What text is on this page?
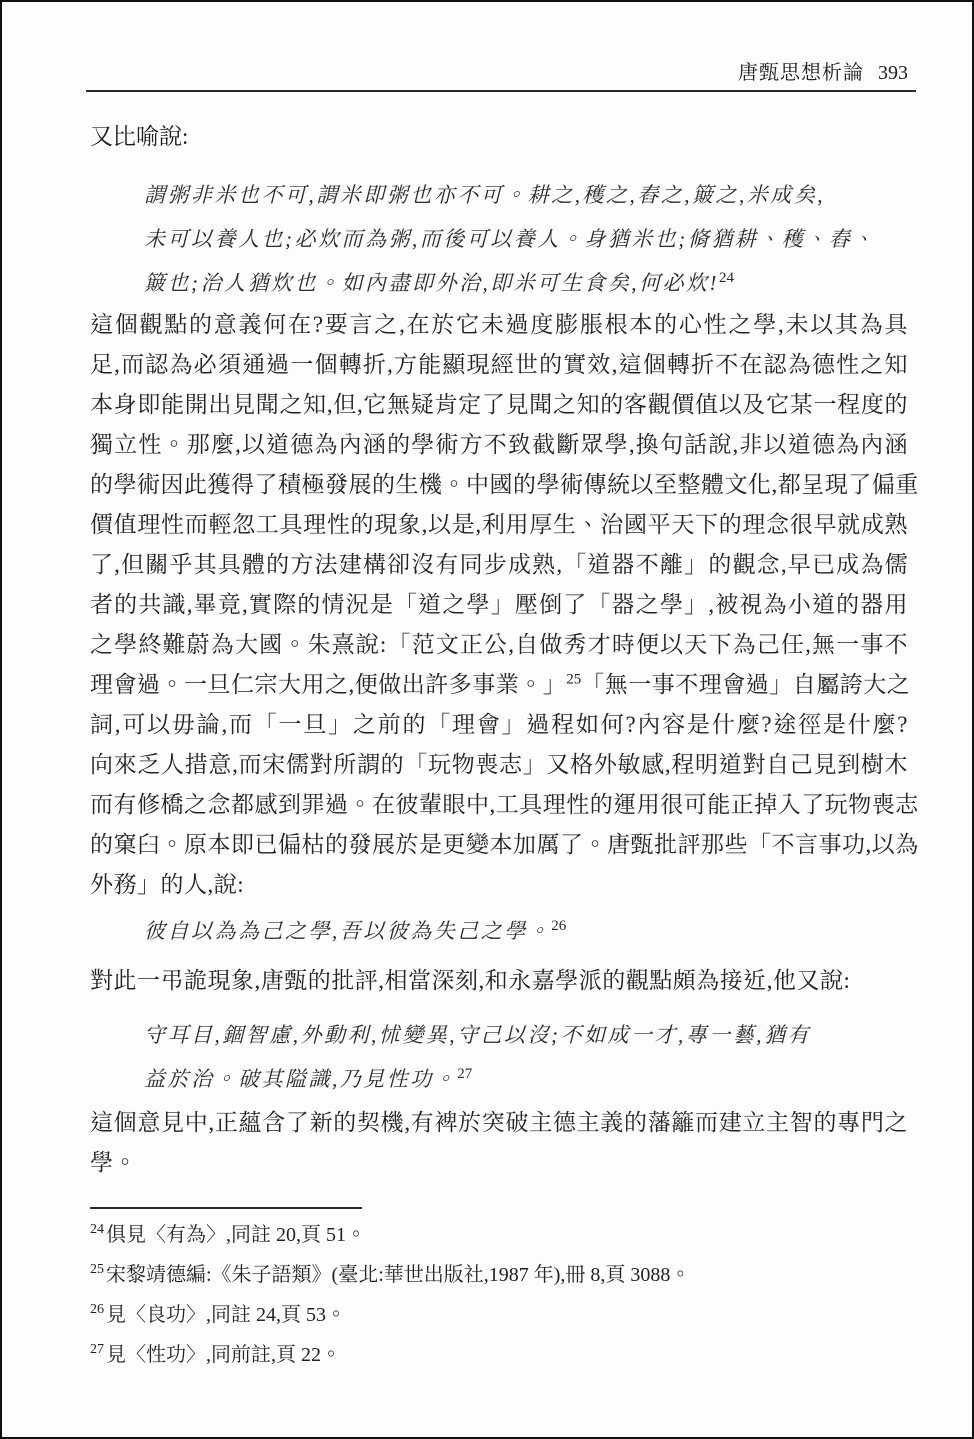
唐甄思想析論 393
又比喻說:
謂粥非米也不可,謂米即粥也亦不可。耕之,穫之,舂之,簸之,米成矣,
未可以養人也;必炊而為粥,而後可以養人。身猶米也;脩猶耕、穫、舂、
簸也;治人猶炊也。如內盡即外治,即米可生食矣,何必炊!$^{24}$
這個觀點的意義何在?要言之,在於它未過度膨脹根本的心性之學,未以其為具
足,而認為必須通過一個轉折,方能顯現經世的實效,這個轉折不在認為德性之知
本身即能開出見聞之知,但,它無疑肯定了見聞之知的客觀價值以及它某一程度的
獨立性。那麼,以道德為內涵的學術方不致截斷眾學,換句話說,非以道德為內涵
的學術因此獲得了積極發展的生機。中國的學術傳統以至整體文化,都呈現了偏重
價值理性而輕忽工具理性的現象,以是,利用厚生、治國平天下的理念很早就成熟
了,但關乎其具體的方法建構卻沒有同步成熟,「道器不離」的觀念,早已成為儒
者的共識,畢竟,實際的情況是「道之學」壓倒了「器之學」,被視為小道的器用
之學終難蔚為大國。朱熹說:「范文正公,自做秀才時便以天下為己任,無一事不
理會過。一旦仁宗大用之,便做出許多事業。」$^{25}$「無一事不理會過」自屬誇大之
詞,可以毋論,而「一旦」之前的「理會」過程如何?內容是什麼?途徑是什麼?
向來乏人措意,而宋儒對所謂的「玩物喪志」又格外敏感,程明道對自己見到樹木
而有修橋之念都感到罪過。在彼輩眼中,工具理性的運用很可能正掉入了玩物喪志
的窠臼。原本即已偏枯的發展於是更變本加厲了。唐甄批評那些「不言事功,以為
外務」的人,說:
彼自以為為己之學,吾以彼為失己之學。$^{26}$
對此一弔詭現象,唐甄的批評,相當深刻,和永嘉學派的觀點頗為接近,他又說:
守耳目,錮智慮,外動利,怵變異,守己以沒;不如成一才,專一藝,猶有
益於治。破其隘識,乃見性功。$^{27}$
這個意見中,正蘊含了新的契機,有裨於突破主德主義的藩籬而建立主智的專門之
學。
$^{24}$ 俱見〈有為〉,同註 20,頁 51。
$^{25}$ 宋黎靖德編:《朱子語類》(臺北:華世出版社,1987 年),冊 8,頁 3088。
$^{26}$ 見〈良功〉,同註 24,頁 53。
$^{27}$ 見〈性功〉,同前註,頁 22。
